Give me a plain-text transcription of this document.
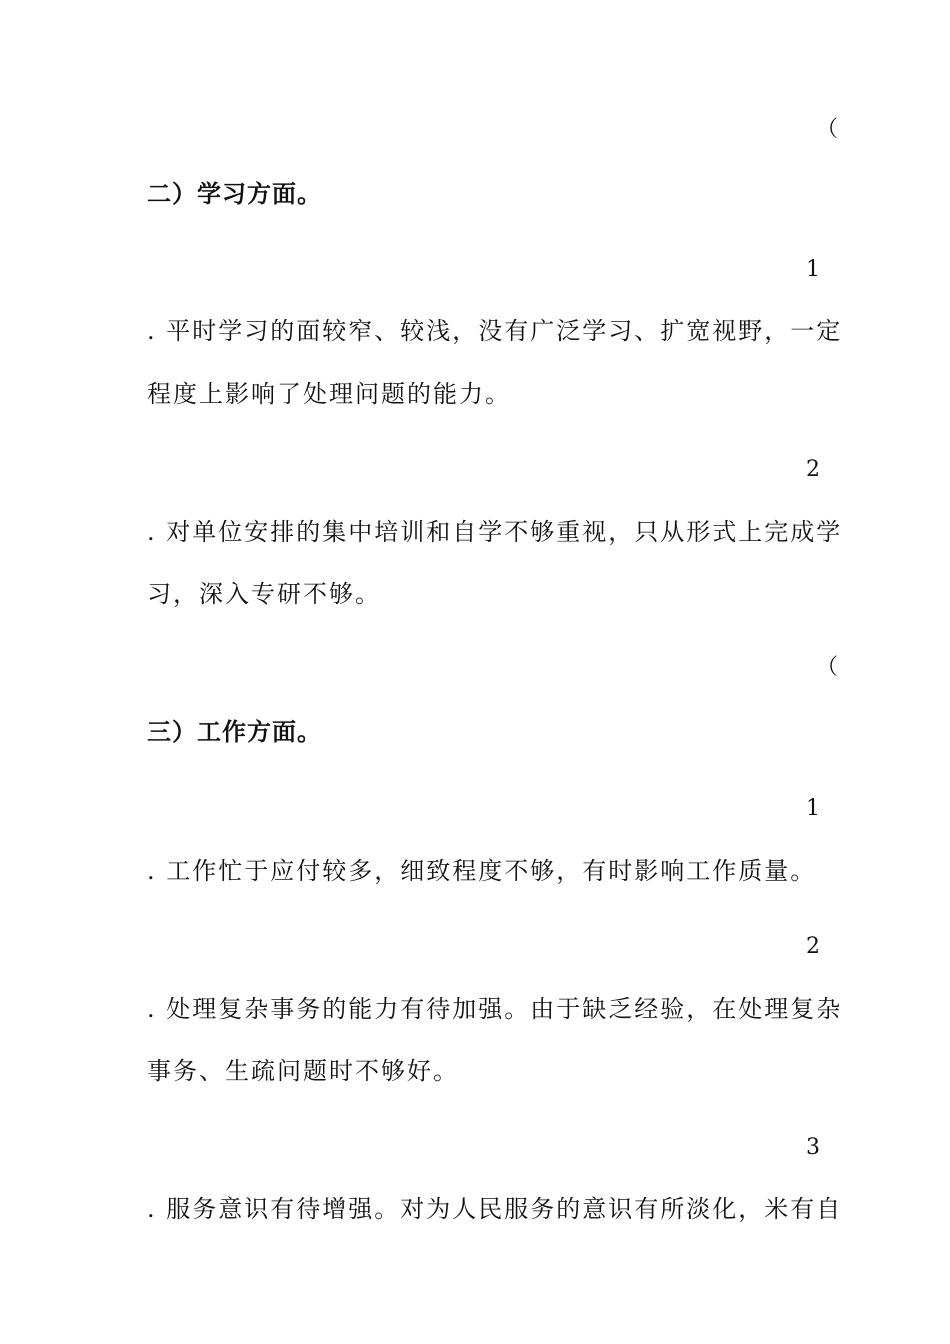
（
二）学习方面。
1
. 平时学习的面较窄、较浅，没有广泛学习、扩宽视野，一定
程度上影响了处理问题的能力。
2
. 对单位安排的集中培训和自学不够重视，只从形式上完成学
习，深入专研不够。
（
三）工作方面。
1
. 工作忙于应付较多，细致程度不够，有时影响工作质量。
2
. 处理复杂事务的能力有待加强。由于缺乏经验，在处理复杂
事务、生疏问题时不够好。
3
. 服务意识有待增强。对为人民服务的意识有所淡化，米有自
